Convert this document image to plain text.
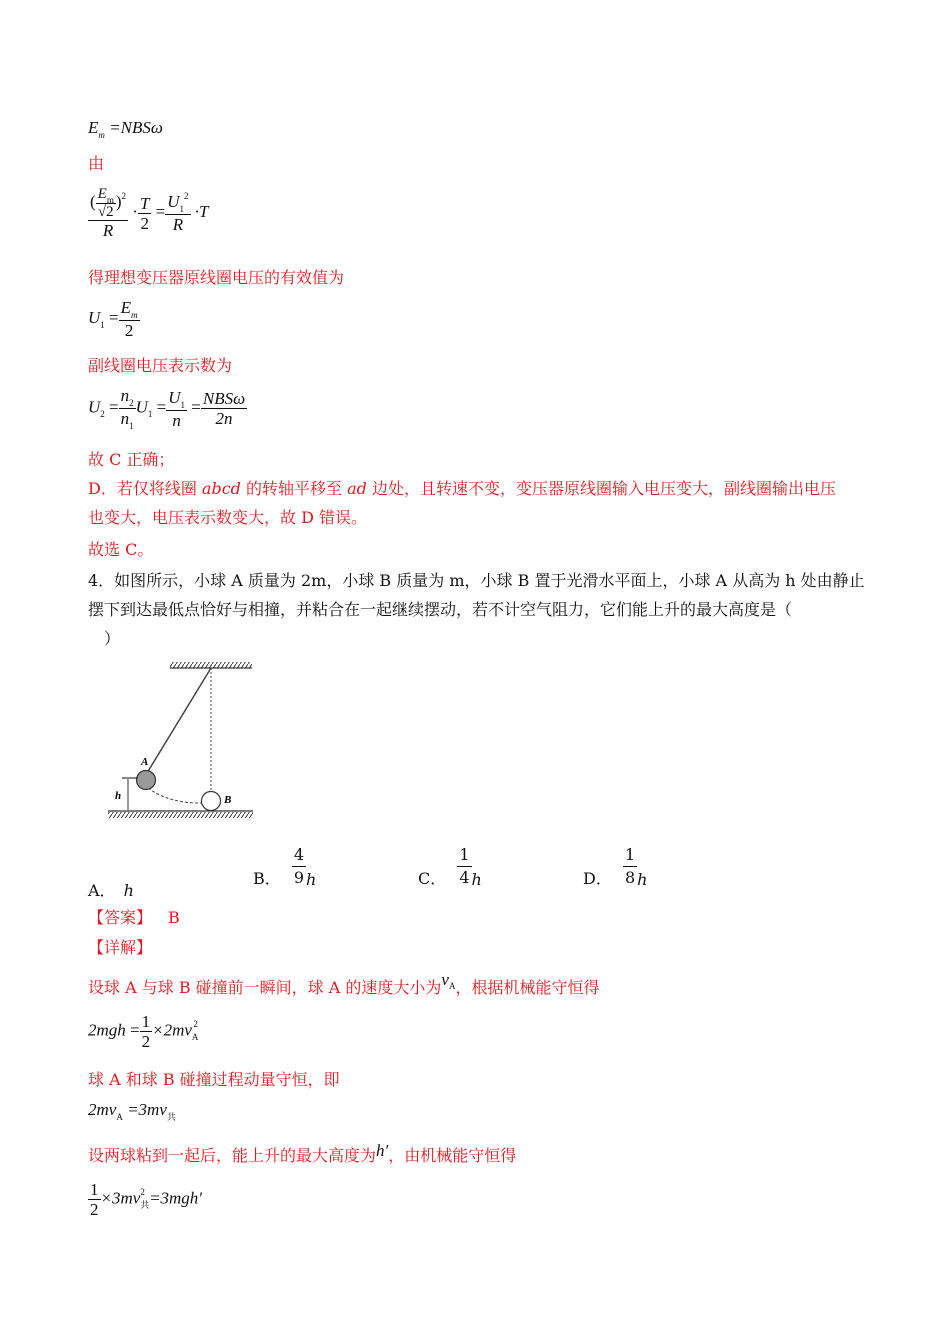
$E_m =NBS\omega$
由
$\frac{( \frac{E_m}{√2} )^2}{R} \cdot \frac{T}{2} = \frac{U_1^2}{R} \cdot T$
得理想变压器原线圈电压的有效值为
$U_1 = \frac{E_m}{2}$
副线圈电压表示数为
$U_2 = \frac{n_2}{n_1} U_1 = \frac{U_1}{n} = \frac{\text{NBSω}}{2n}$
故 C 正确；
D．若仅将线圈 abcd 的转轴平移至 ad 边处，且转速不变，变压器原线圈输入电压变大，副线圈输出电压
也变大，电压表示数变大，故 D 错误。
故选 C。
4．如图所示，小球 A 质量为 2m，小球 B 质量为 m，小球 B 置于光滑水平面上，小球 A 从高为 h 处由静止
摆下到达最低点恰好与相撞，并粘合在一起继续摆动，若不计空气阻力，它们能上升的最大高度是（
）
A
B
h
A． h
B． $\frac{4}{9}$ h	C． $\frac{1}{4}$ h	D． $\frac{1}{8}$ h
【答案】 B
【详解】
设球 A 与球 B 碰撞前一瞬间，球 A 的速度大小为$v^A$，根据机械能守恒得
$2mgh = \frac{1}{2} \times 2mv_A^2$
球 A 和球 B 碰撞过程动量守恒，即
$2mv_A =3mv_共$
设两球粘到一起后，能上升的最大高度为h′，由机械能守恒得
$\frac{1}{2} \times 3mv_共^2 =3mgh'$
